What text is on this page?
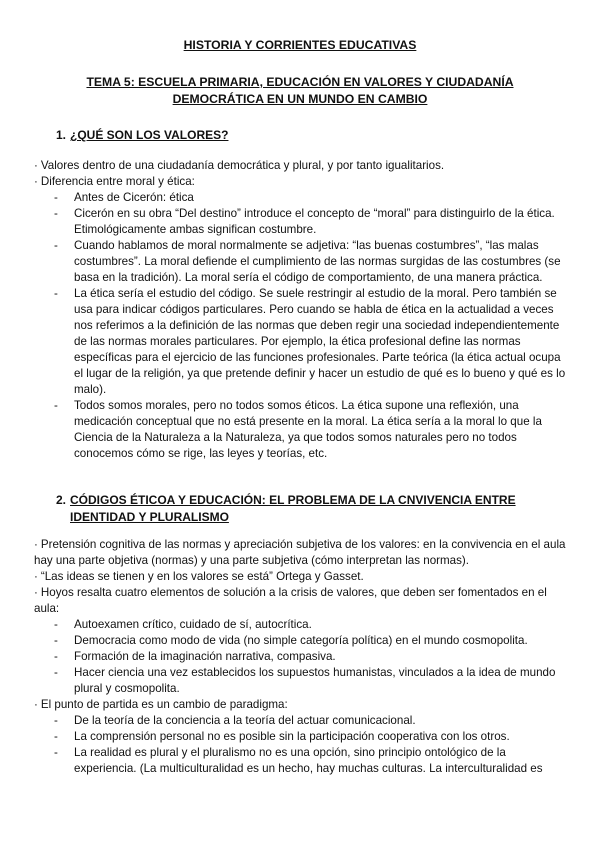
HISTORIA Y CORRIENTES EDUCATIVAS
TEMA 5: ESCUELA PRIMARIA, EDUCACIÓN EN VALORES Y CIUDADANÍA
DEMOCRÁTICA EN UN MUNDO EN CAMBIO
1. ¿QUÉ SON LOS VALORES?

· Valores dentro de una ciudadanía democrática y plural, y por tanto igualitarios.

· Diferencia entre moral y ética:

- Antes de Cicerón: ética
- Cicerón en su obra “Del destino” introduce el concepto de “moral” para distinguirlo de la ética. Etimológicamente ambas significan costumbre.
- Cuando hablamos de moral normalmente se adjetiva: “las buenas costumbres”, “las malas costumbres”. La moral defiende el cumplimiento de las normas surgidas de las costumbres (se basa en la tradición). La moral sería el código de comportamiento, de una manera práctica.
- La ética sería el estudio del código. Se suele restringir al estudio de la moral. Pero también se usa para indicar códigos particulares. Pero cuando se habla de ética en la actualidad a veces nos referimos a la definición de las normas que deben regir una sociedad independientemente de las normas morales particulares. Por ejemplo, la ética profesional define las normas específicas para el ejercicio de las funciones profesionales. Parte teórica (la ética actual ocupa el lugar de la religión, ya que pretende definir y hacer un estudio de qué es lo bueno y qué es lo malo).
- Todos somos morales, pero no todos somos éticos. La ética supone una reflexión, una medicación conceptual que no está presente en la moral. La ética sería a la moral lo que la Ciencia de la Naturaleza a la Naturaleza, ya que todos somos naturales pero no todos conocemos cómo se rige, las leyes y teorías, etc.
2. CÓDIGOS ÉTICOA Y EDUCACIÓN: EL PROBLEMA DE LA CNVIVENCIA ENTRE IDENTIDAD Y PLURALISMO

· Pretensión cognitiva de las normas y apreciación subjetiva de los valores: en la convivencia en el aula hay una parte objetiva (normas) y una parte subjetiva (cómo interpretan las normas).

· “Las ideas se tienen y en los valores se está” Ortega y Gasset.

· Hoyos resalta cuatro elementos de solución a la crisis de valores, que deben ser fomentados en el aula:

- Autoexamen crítico, cuidado de sí, autocrítica.
- Democracia como modo de vida (no simple categoría política) en el mundo cosmopolita.
- Formación de la imaginación narrativa, compasiva.
- Hacer ciencia una vez establecidos los supuestos humanistas, vinculados a la idea de mundo plural y cosmopolita.

· El punto de partida es un cambio de paradigma:

- De la teoría de la conciencia a la teoría del actuar comunicacional.
- La comprensión personal no es posible sin la participación cooperativa con los otros.
- La realidad es plural y el pluralismo no es una opción, sino principio ontológico de la experiencia. (La multiculturalidad es un hecho, hay muchas culturas. La interculturalidad es
